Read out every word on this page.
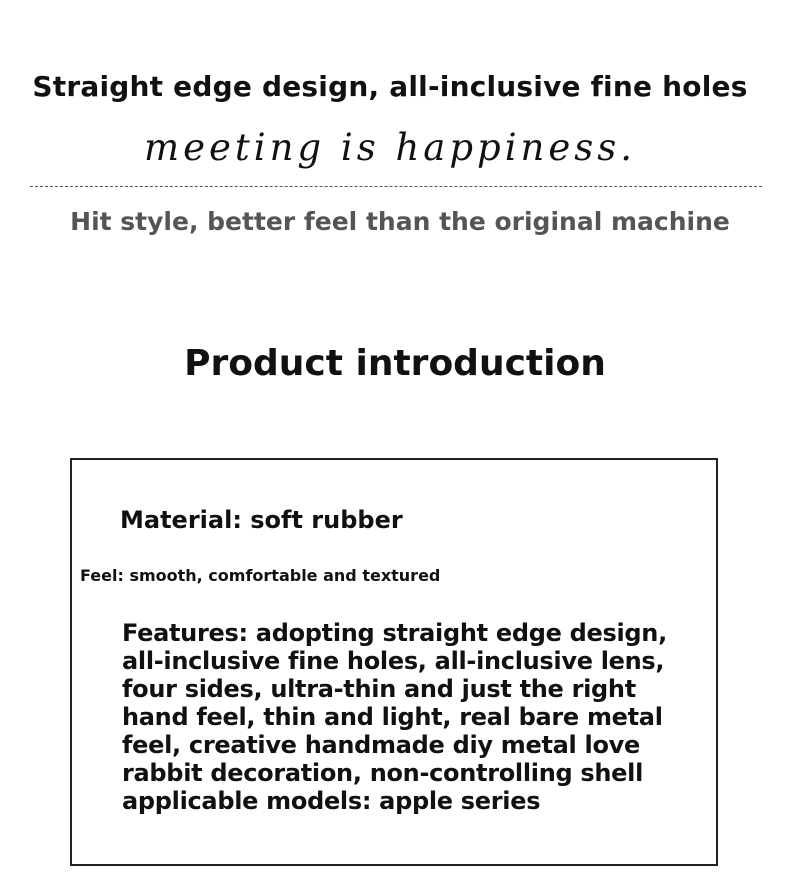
Straight edge design, all-inclusive fine holes
meeting is happiness.
Hit style, better feel than the original machine
Product introduction
Material: soft rubber
Feel: smooth, comfortable and textured
Features: adopting straight edge design, all-inclusive fine holes, all-inclusive lens, four sides, ultra-thin and just the right hand feel, thin and light, real bare metal feel, creative handmade diy metal love rabbit decoration, non-controlling shell applicable models: apple series
